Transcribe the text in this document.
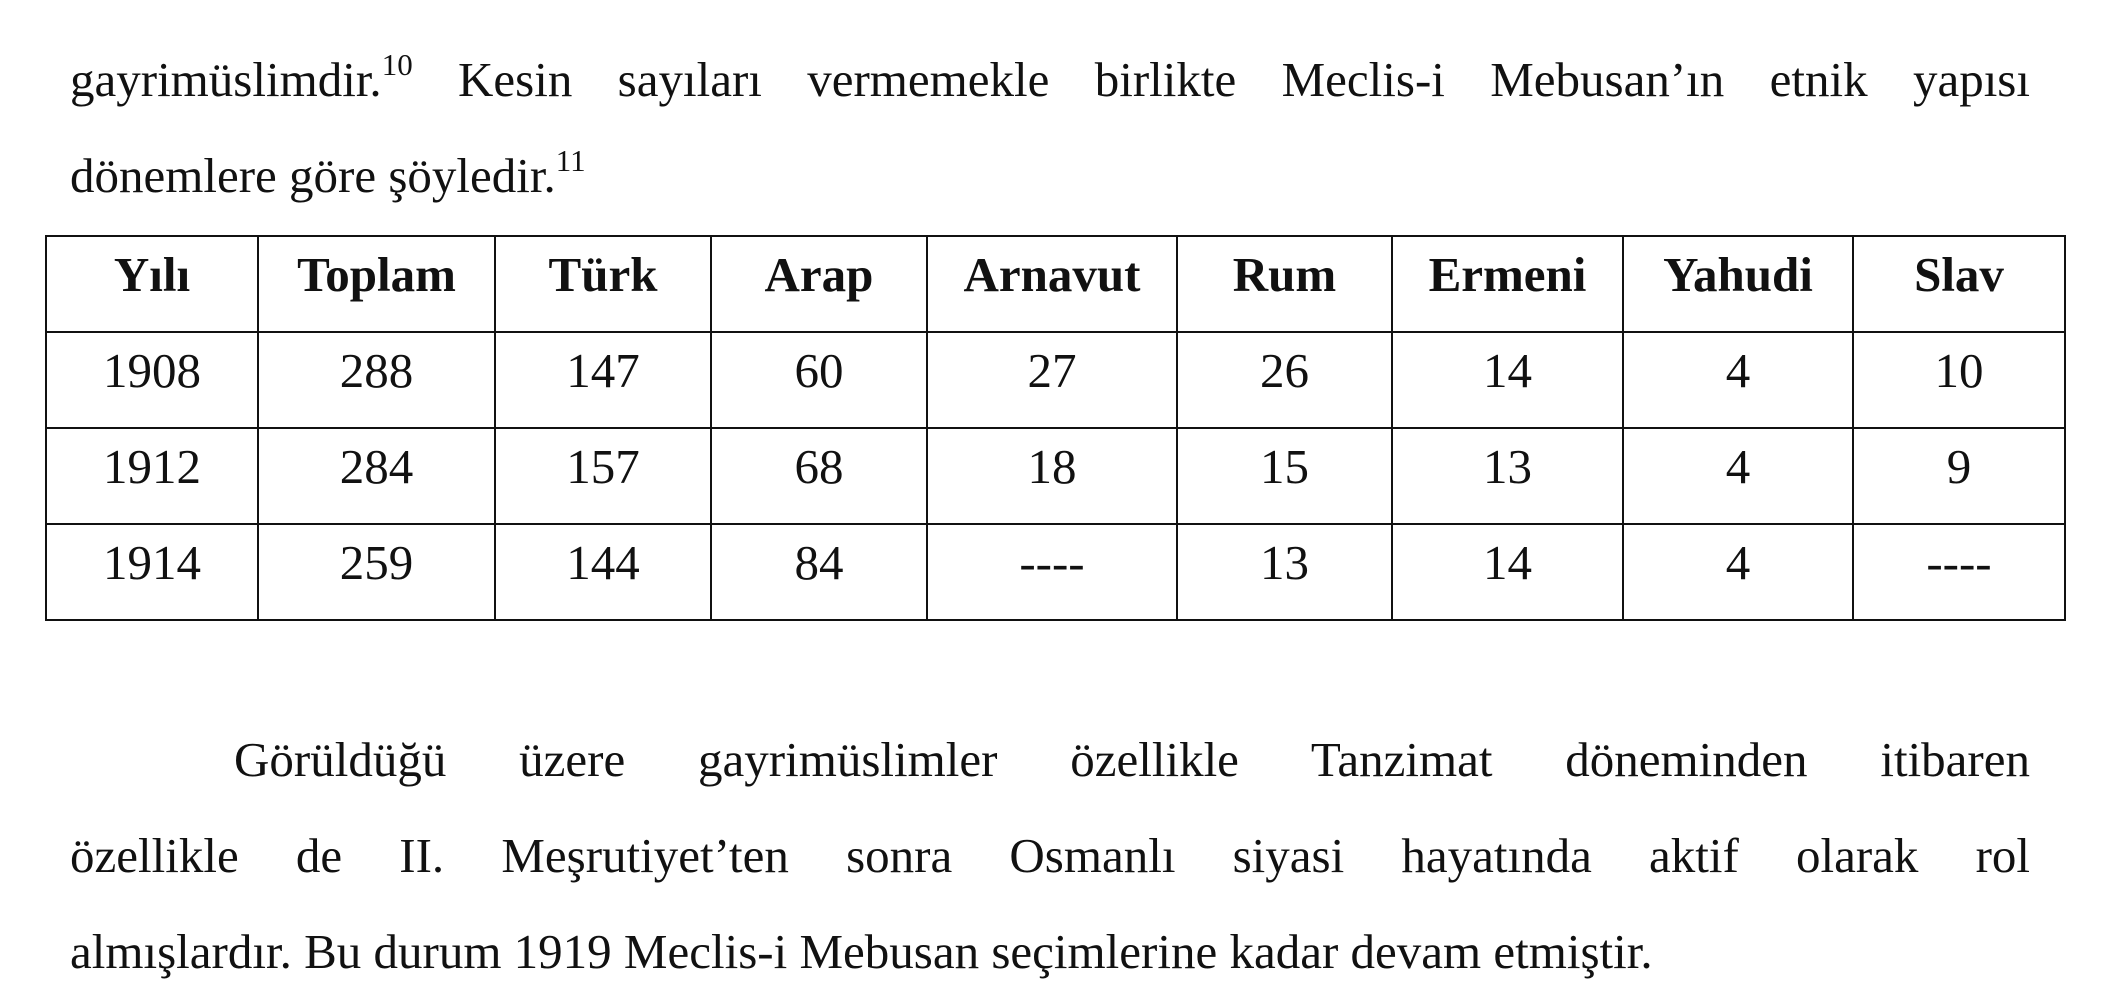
gayrimüslimdir.$^{10}$ Kesin sayıları vermemekle birlikte Meclis-i Mebusan’ın etnik yapısı

dönemlere göre şöyledir.$^{11}$

Yılı	Toplam	Türk	Arap	Arnavut	Rum	Ermeni	Yahudi	Slav
1908	288	147	60	27	26	14	4	10
1912	284	157	68	18	15	13	4	9
1914	259	144	84	----	13	14	4	----

Görüldüğü üzere gayrimüslimler özellikle Tanzimat döneminden itibaren

özellikle de II. Meşrutiyet’ten sonra Osmanlı siyasi hayatında aktif olarak rol

almışlardır. Bu durum 1919 Meclis-i Mebusan seçimlerine kadar devam etmiştir.
